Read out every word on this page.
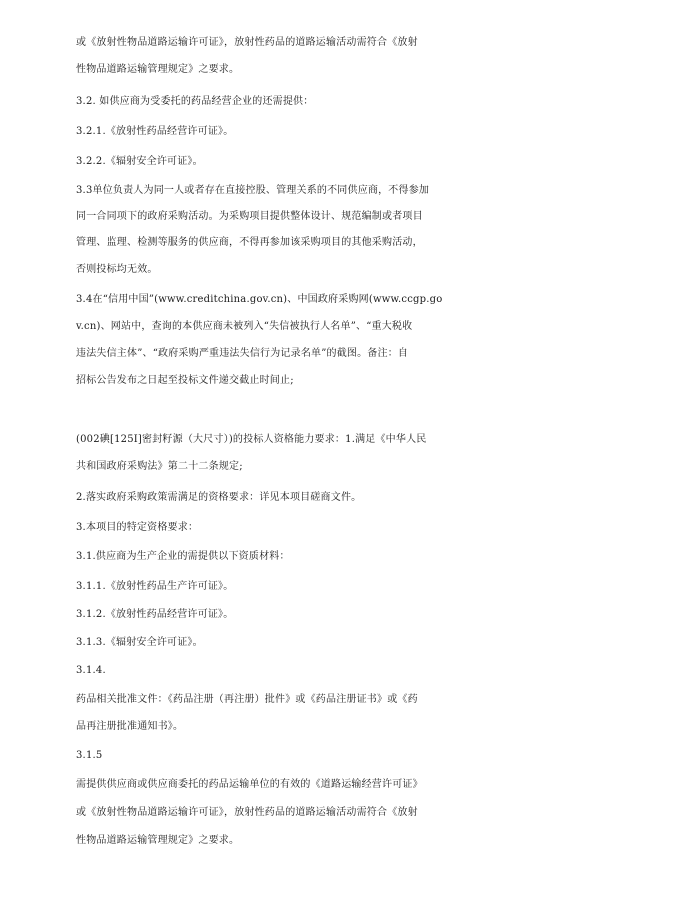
或《放射性物品道路运输许可证》，放射性药品的道路运输活动需符合《放射
性物品道路运输管理规定》之要求。
3.2. 如供应商为受委托的药品经营企业的还需提供：
3.2.1.《放射性药品经营许可证》。
3.2.2.《辐射安全许可证》。
3.3单位负责人为同一人或者存在直接控股、管理关系的不同供应商，不得参加
同一合同项下的政府采购活动。为采购项目提供整体设计、规范编制或者项目
管理、监理、检测等服务的供应商，不得再参加该采购项目的其他采购活动，
否则投标均无效。
3.4在“信用中国”(www.creditchina.gov.cn)、中国政府采购网(www.ccgp.go
v.cn)、网站中，查询的本供应商未被列入“失信被执行人名单”、“重大税收
违法失信主体”、“政府采购严重违法失信行为记录名单”的截图。备注：自
招标公告发布之日起至投标文件递交截止时间止;
(002碘[125I]密封籽源（大尺寸）)的投标人资格能力要求：1.满足《中华人民
共和国政府采购法》第二十二条规定;
2.落实政府采购政策需满足的资格要求：详见本项目磋商文件。
3.本项目的特定资格要求：
3.1.供应商为生产企业的需提供以下资质材料：
3.1.1.《放射性药品生产许可证》。
3.1.2.《放射性药品经营许可证》。
3.1.3.《辐射安全许可证》。
3.1.4.
药品相关批准文件：《药品注册（再注册）批件》或《药品注册证书》或《药
品再注册批准通知书》。
3.1.5
需提供供应商或供应商委托的药品运输单位的有效的《道路运输经营许可证》
或《放射性物品道路运输许可证》，放射性药品的道路运输活动需符合《放射
性物品道路运输管理规定》之要求。
